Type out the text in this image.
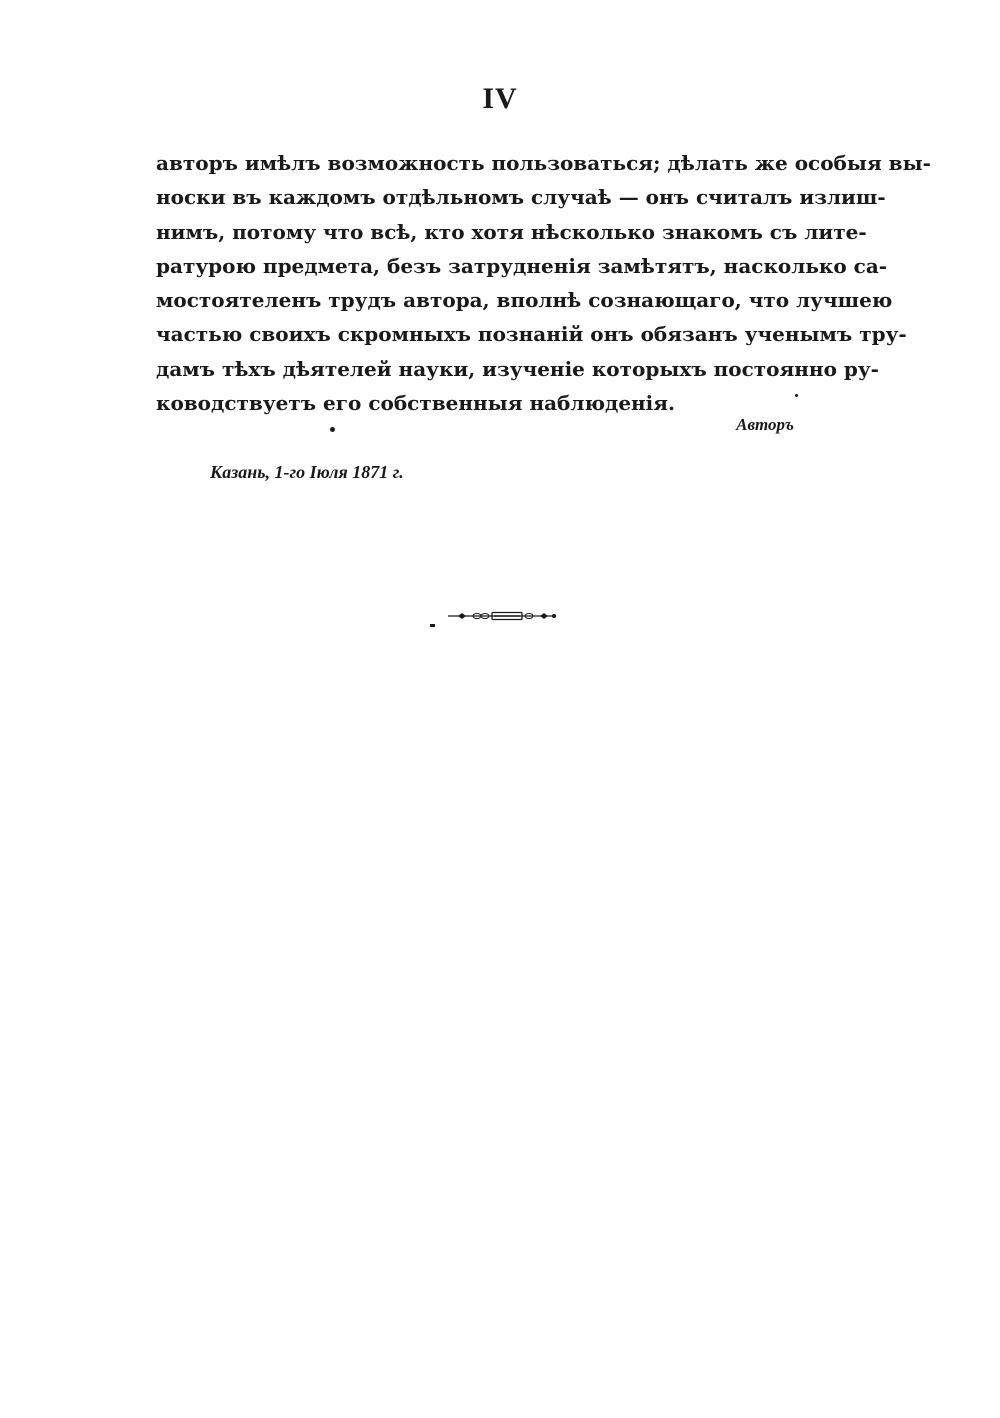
IV
авторъ имѣлъ возможность пользоваться; дѣлать же особыя вы-
носки въ каждомъ отдѣльномъ случаѣ — онъ считалъ излиш-
нимъ, потому что всѣ, кто хотя нѣсколько знакомъ съ лите-
ратурою предмета, безъ затрудненія замѣтятъ, насколько са-
мостоятеленъ трудъ автора, вполнѣ сознающаго, что лучшею
частью своихъ скромныхъ познаній онъ обязанъ ученымъ тру-
дамъ тѣхъ дѣятелей науки, изученіе которыхъ постоянно ру-
ководствуетъ его собственныя наблюденія.
Авторъ
Казань, 1-го Іюля 1871 г.
